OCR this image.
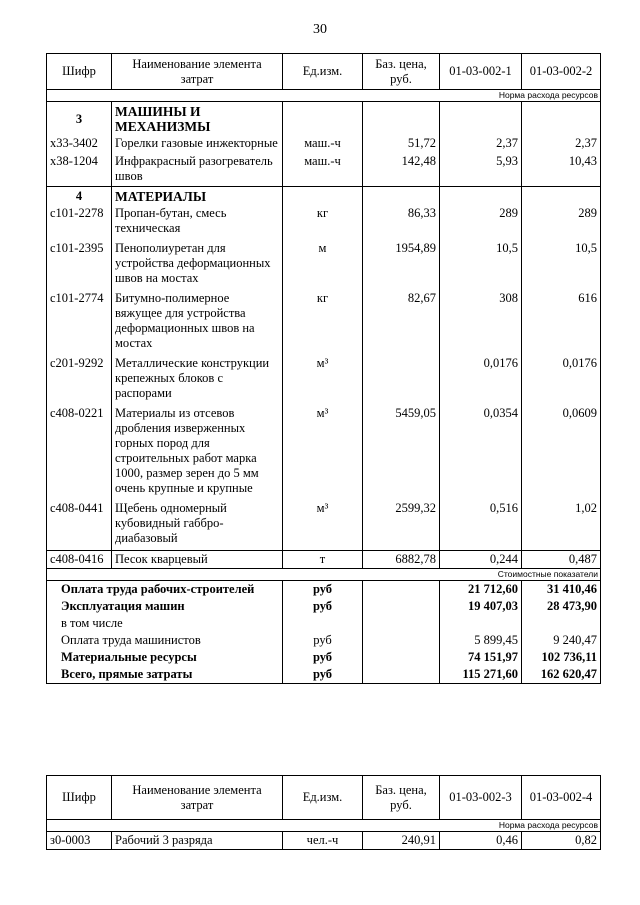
30
Шифр	Наименование элемента затрат	Ед.изм.	Баз. цена, руб.	01-03-002-1	01-03-002-2
Норма расхода ресурсов					
3	МАШИНЫ И МЕХАНИЗМЫ				
х33-3402	Горелки газовые инжекторные	маш.-ч	51,72	2,37	2,37
х38-1204	Инфракрасный разогреватель швов	маш.-ч	142,48	5,93	10,43
4	МАТЕРИАЛЫ				
с101-2278	Пропан-бутан, смесь техническая	кг	86,33	289	289
с101-2395	Пенополиуретан для устройства деформационных швов на мостах	м	1954,89	10,5	10,5
с101-2774	Битумно-полимерное вяжущее для устройства деформационных швов на мостах	кг	82,67	308	616
с201-9292	Металлические конструкции крепежных блоков с распорами	м³		0,0176	0,0176
с408-0221	Материалы из отсевов дробления изверженных горных пород для строительных работ марка 1000, размер зерен до 5 мм очень крупные и крупные	м³	5459,05	0,0354	0,0609
с408-0441	Щебень одномерный кубовидный габбро-диабазовый	м³	2599,32	0,516	1,02
с408-0416	Песок кварцевый	т	6882,78	0,244	0,487
Стоимостные показатели					
Оплата труда рабочих-строителей		руб		21 712,60	31 410,46
Эксплуатация машин		руб		19 407,03	28 473,90
в том числе					
Оплата труда машинистов		руб		5 899,45	9 240,47
Материальные ресурсы		руб		74 151,97	102 736,11
Всего, прямые затраты		руб		115 271,60	162 620,47
Шифр	Наименование элемента затрат	Ед.изм.	Баз. цена, руб.	01-03-002-3	01-03-002-4
Норма расхода ресурсов					
з0-0003	Рабочий 3 разряда	чел.-ч	240,91	0,46	0,82
